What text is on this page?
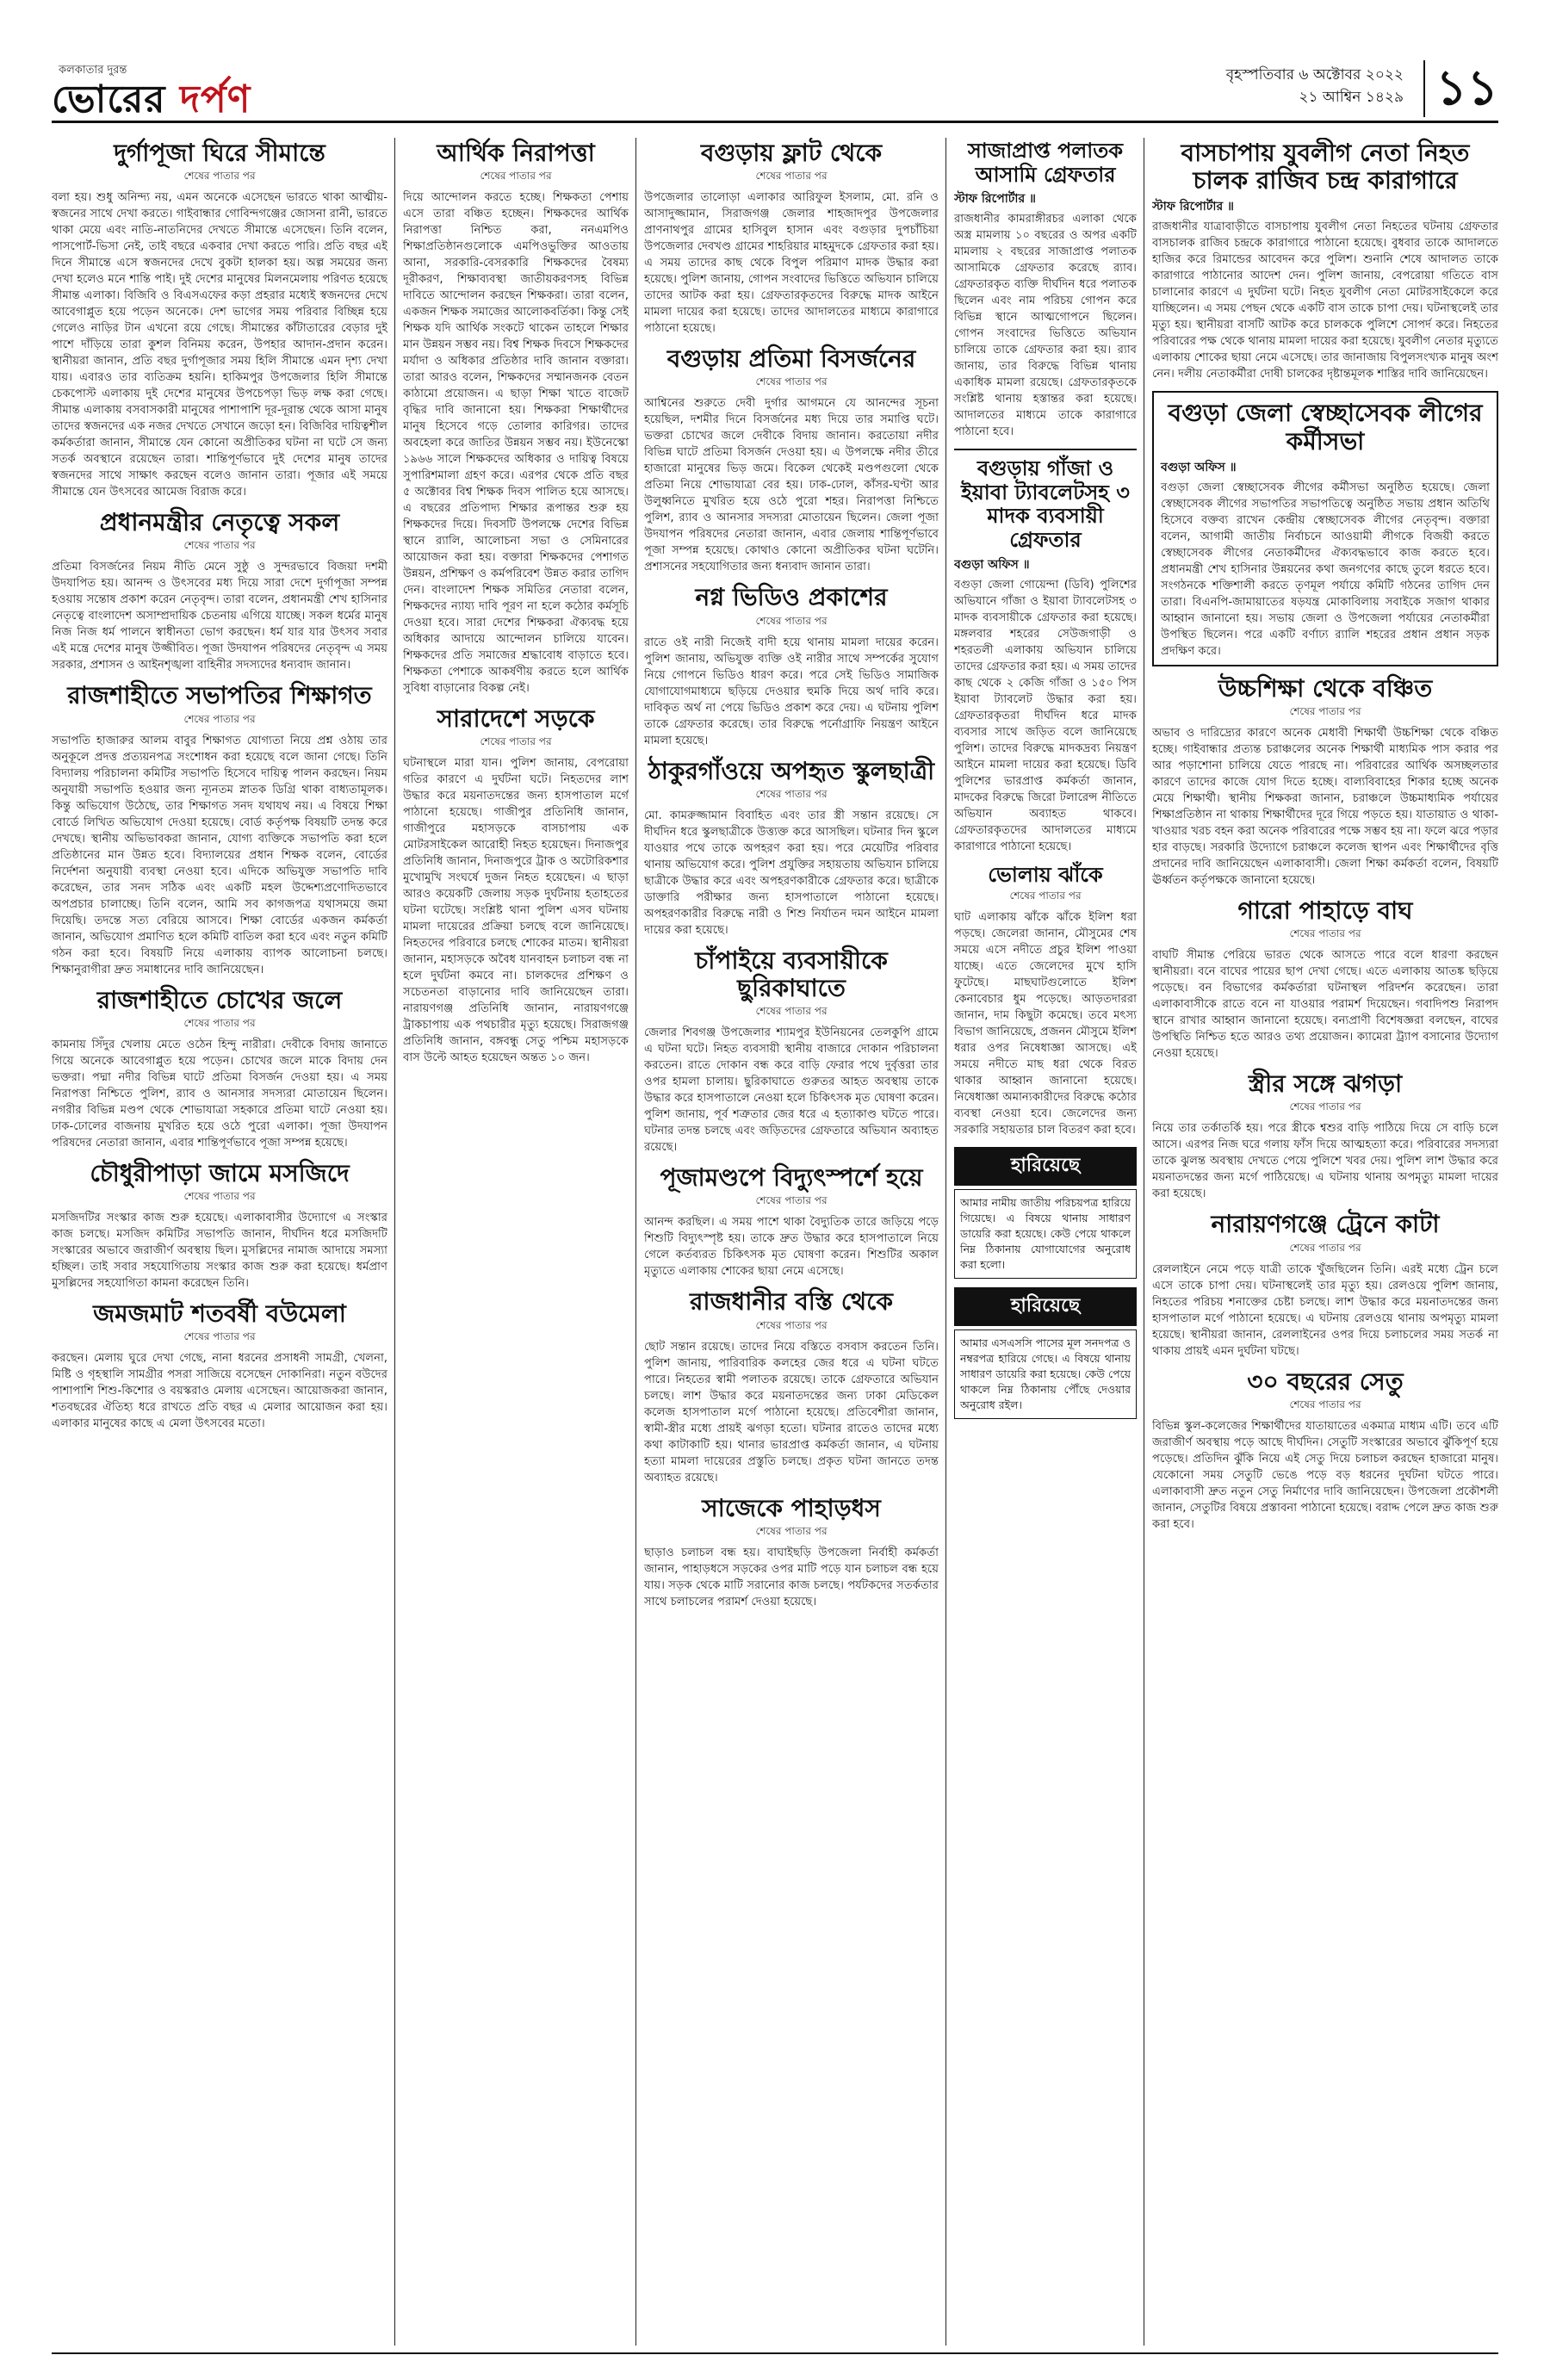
কলকাতার দুরন্ত
ভোরের দর্পণ
বৃহস্পতিবার ৬ অক্টোবর ২০২২
২১ আশ্বিন ১৪২৯ ১১
দুর্গাপূজা ঘিরে সীমান্তে
শেষের পাতার পর
বলা হয়। শুধু অনিন্দ্য নয়, এমন অনেকে এসেছেন ভারতে থাকা আত্মীয়-স্বজনের সাথে দেখা করতে। গাইবান্ধার গোবিন্দগঞ্জের জোসনা রানী, ভারতে থাকা মেয়ে এবং নাতি-নাতনিদের দেখতে সীমান্তে এসেছেন। তিনি বলেন, পাসপোর্ট-ভিসা নেই, তাই বছরে একবার দেখা করতে পারি। প্রতি বছর এই দিনে সীমান্তে এসে স্বজনদের দেখে বুকটা হালকা হয়। অল্প সময়ের জন্য দেখা হলেও মনে শান্তি পাই। দুই দেশের মানুষের মিলনমেলায় পরিণত হয়েছে সীমান্ত এলাকা। বিজিবি ও বিএসএফের কড়া প্রহরার মধ্যেই স্বজনদের দেখে আবেগাপ্লুত হয়ে পড়েন অনেকে। দেশ ভাগের সময় পরিবার বিচ্ছিন্ন হয়ে গেলেও নাড়ির টান এখনো রয়ে গেছে। সীমান্তের কাঁটাতারের বেড়ার দুই পাশে দাঁড়িয়ে তারা কুশল বিনিময় করেন, উপহার আদান-প্রদান করেন। স্থানীয়রা জানান, প্রতি বছর দুর্গাপূজার সময় হিলি সীমান্তে এমন দৃশ্য দেখা যায়। এবারও তার ব্যতিক্রম হয়নি। হাকিমপুর উপজেলার হিলি সীমান্তে চেকপোস্ট এলাকায় দুই দেশের মানুষের উপচেপড়া ভিড় লক্ষ করা গেছে। সীমান্ত এলাকায় বসবাসকারী মানুষের পাশাপাশি দূর-দূরান্ত থেকে আসা মানুষ তাদের স্বজনদের এক নজর দেখতে সেখানে জড়ো হন। বিজিবির দায়িত্বশীল কর্মকর্তারা জানান, সীমান্তে যেন কোনো অপ্রীতিকর ঘটনা না ঘটে সে জন্য সতর্ক অবস্থানে রয়েছেন তারা। শান্তিপূর্ণভাবে দুই দেশের মানুষ তাদের স্বজনদের সাথে সাক্ষাৎ করছেন বলেও জানান তারা। পূজার এই সময়ে সীমান্তে যেন উৎসবের আমেজ বিরাজ করে।
প্রধানমন্ত্রীর নেতৃত্বে সকল
শেষের পাতার পর
প্রতিমা বিসর্জনের নিয়ম নীতি মেনে সুষ্ঠু ও সুন্দরভাবে বিজয়া দশমী উদযাপিত হয়। আনন্দ ও উৎসবের মধ্য দিয়ে সারা দেশে দুর্গাপূজা সম্পন্ন হওয়ায় সন্তোষ প্রকাশ করেন নেতৃবৃন্দ। তারা বলেন, প্রধানমন্ত্রী শেখ হাসিনার নেতৃত্বে বাংলাদেশ অসাম্প্রদায়িক চেতনায় এগিয়ে যাচ্ছে। সকল ধর্মের মানুষ নিজ নিজ ধর্ম পালনে স্বাধীনতা ভোগ করছেন। ধর্ম যার যার উৎসব সবার এই মন্ত্রে দেশের মানুষ উজ্জীবিত। পূজা উদযাপন পরিষদের নেতৃবৃন্দ এ সময় সরকার, প্রশাসন ও আইনশৃঙ্খলা বাহিনীর সদস্যদের ধন্যবাদ জানান।
রাজশাহীতে সভাপতির শিক্ষাগত
শেষের পাতার পর
সভাপতি হাজারুর আলম বাবুর শিক্ষাগত যোগ্যতা নিয়ে প্রশ্ন ওঠায় তার অনুকূলে প্রদত্ত প্রত্যয়নপত্র সংশোধন করা হয়েছে বলে জানা গেছে। তিনি বিদ্যালয় পরিচালনা কমিটির সভাপতি হিসেবে দায়িত্ব পালন করছেন। নিয়ম অনুযায়ী সভাপতি হওয়ার জন্য ন্যূনতম স্নাতক ডিগ্রি থাকা বাধ্যতামূলক। কিন্তু অভিযোগ উঠেছে, তার শিক্ষাগত সনদ যথাযথ নয়। এ বিষয়ে শিক্ষা বোর্ডে লিখিত অভিযোগ দেওয়া হয়েছে। বোর্ড কর্তৃপক্ষ বিষয়টি তদন্ত করে দেখছে। স্থানীয় অভিভাবকরা জানান, যোগ্য ব্যক্তিকে সভাপতি করা হলে প্রতিষ্ঠানের মান উন্নত হবে। বিদ্যালয়ের প্রধান শিক্ষক বলেন, বোর্ডের নির্দেশনা অনুযায়ী ব্যবস্থা নেওয়া হবে। এদিকে অভিযুক্ত সভাপতি দাবি করেছেন, তার সনদ সঠিক এবং একটি মহল উদ্দেশ্যপ্রণোদিতভাবে অপপ্রচার চালাচ্ছে। তিনি বলেন, আমি সব কাগজপত্র যথাসময়ে জমা দিয়েছি। তদন্তে সত্য বেরিয়ে আসবে। শিক্ষা বোর্ডের একজন কর্মকর্তা জানান, অভিযোগ প্রমাণিত হলে কমিটি বাতিল করা হবে এবং নতুন কমিটি গঠন করা হবে। বিষয়টি নিয়ে এলাকায় ব্যাপক আলোচনা চলছে। শিক্ষানুরাগীরা দ্রুত সমাধানের দাবি জানিয়েছেন।
রাজশাহীতে চোখের জলে
শেষের পাতার পর
কামনায় সিঁদুর খেলায় মেতে ওঠেন হিন্দু নারীরা। দেবীকে বিদায় জানাতে গিয়ে অনেকে আবেগাপ্লুত হয়ে পড়েন। চোখের জলে মাকে বিদায় দেন ভক্তরা। পদ্মা নদীর বিভিন্ন ঘাটে প্রতিমা বিসর্জন দেওয়া হয়। এ সময় নিরাপত্তা নিশ্চিতে পুলিশ, র‍্যাব ও আনসার সদস্যরা মোতায়েন ছিলেন। নগরীর বিভিন্ন মণ্ডপ থেকে শোভাযাত্রা সহকারে প্রতিমা ঘাটে নেওয়া হয়। ঢাক-ঢোলের বাজনায় মুখরিত হয়ে ওঠে পুরো এলাকা। পূজা উদযাপন পরিষদের নেতারা জানান, এবার শান্তিপূর্ণভাবে পূজা সম্পন্ন হয়েছে।
চৌধুরীপাড়া জামে মসজিদে
শেষের পাতার পর
মসজিদটির সংস্কার কাজ শুরু হয়েছে। এলাকাবাসীর উদ্যোগে এ সংস্কার কাজ চলছে। মসজিদ কমিটির সভাপতি জানান, দীর্ঘদিন ধরে মসজিদটি সংস্কারের অভাবে জরাজীর্ণ অবস্থায় ছিল। মুসল্লিদের নামাজ আদায়ে সমস্যা হচ্ছিল। তাই সবার সহযোগিতায় সংস্কার কাজ শুরু করা হয়েছে। ধর্মপ্রাণ মুসল্লিদের সহযোগিতা কামনা করেছেন তিনি।
জমজমাট শতবর্ষী বউমেলা
শেষের পাতার পর
করছেন। মেলায় ঘুরে দেখা গেছে, নানা ধরনের প্রসাধনী সামগ্রী, খেলনা, মিষ্টি ও গৃহস্থালি সামগ্রীর পসরা সাজিয়ে বসেছেন দোকানিরা। নতুন বউদের পাশাপাশি শিশু-কিশোর ও বয়স্করাও মেলায় এসেছেন। আয়োজকরা জানান, শতবছরের ঐতিহ্য ধরে রাখতে প্রতি বছর এ মেলার আয়োজন করা হয়। এলাকার মানুষের কাছে এ মেলা উৎসবের মতো।
আর্থিক নিরাপত্তা
শেষের পাতার পর
দিয়ে আন্দোলন করতে হচ্ছে। শিক্ষকতা পেশায় এসে তারা বঞ্চিত হচ্ছেন। শিক্ষকদের আর্থিক নিরাপত্তা নিশ্চিত করা, ননএমপিও শিক্ষাপ্রতিষ্ঠানগুলোকে এমপিওভুক্তির আওতায় আনা, সরকারি-বেসরকারি শিক্ষকদের বৈষম্য দূরীকরণ, শিক্ষাব্যবস্থা জাতীয়করণসহ বিভিন্ন দাবিতে আন্দোলন করছেন শিক্ষকরা। তারা বলেন, একজন শিক্ষক সমাজের আলোকবর্তিকা। কিন্তু সেই শিক্ষক যদি আর্থিক সংকটে থাকেন তাহলে শিক্ষার মান উন্নয়ন সম্ভব নয়। বিশ্ব শিক্ষক দিবসে শিক্ষকদের মর্যাদা ও অধিকার প্রতিষ্ঠার দাবি জানান বক্তারা। তারা আরও বলেন, শিক্ষকদের সম্মানজনক বেতন কাঠামো প্রয়োজন। এ ছাড়া শিক্ষা খাতে বাজেট বৃদ্ধির দাবি জানানো হয়। শিক্ষকরা শিক্ষার্থীদের মানুষ হিসেবে গড়ে তোলার কারিগর। তাদের অবহেলা করে জাতির উন্নয়ন সম্ভব নয়। ইউনেস্কো ১৯৬৬ সালে শিক্ষকদের অধিকার ও দায়িত্ব বিষয়ে সুপারিশমালা গ্রহণ করে। এরপর থেকে প্রতি বছর ৫ অক্টোবর বিশ্ব শিক্ষক দিবস পালিত হয়ে আসছে। এ বছরের প্রতিপাদ্য শিক্ষার রূপান্তর শুরু হয় শিক্ষকদের দিয়ে। দিবসটি উপলক্ষে দেশের বিভিন্ন স্থানে র‍্যালি, আলোচনা সভা ও সেমিনারের আয়োজন করা হয়। বক্তারা শিক্ষকদের পেশাগত উন্নয়ন, প্রশিক্ষণ ও কর্মপরিবেশ উন্নত করার তাগিদ দেন। বাংলাদেশ শিক্ষক সমিতির নেতারা বলেন, শিক্ষকদের ন্যায্য দাবি পূরণ না হলে কঠোর কর্মসূচি দেওয়া হবে। সারা দেশের শিক্ষকরা ঐক্যবদ্ধ হয়ে অধিকার আদায়ে আন্দোলন চালিয়ে যাবেন। শিক্ষকদের প্রতি সমাজের শ্রদ্ধাবোধ বাড়াতে হবে। শিক্ষকতা পেশাকে আকর্ষণীয় করতে হলে আর্থিক সুবিধা বাড়ানোর বিকল্প নেই।
সারাদেশে সড়কে
শেষের পাতার পর
ঘটনাস্থলে মারা যান। পুলিশ জানায়, বেপরোয়া গতির কারণে এ দুর্ঘটনা ঘটে। নিহতদের লাশ উদ্ধার করে ময়নাতদন্তের জন্য হাসপাতাল মর্গে পাঠানো হয়েছে। গাজীপুর প্রতিনিধি জানান, গাজীপুরে মহাসড়কে বাসচাপায় এক মোটরসাইকেল আরোহী নিহত হয়েছেন। দিনাজপুর প্রতিনিধি জানান, দিনাজপুরে ট্রাক ও অটোরিকশার মুখোমুখি সংঘর্ষে দুজন নিহত হয়েছেন। এ ছাড়া আরও কয়েকটি জেলায় সড়ক দুর্ঘটনায় হতাহতের ঘটনা ঘটেছে। সংশ্লিষ্ট থানা পুলিশ এসব ঘটনায় মামলা দায়েরের প্রক্রিয়া চলছে বলে জানিয়েছে। নিহতদের পরিবারে চলছে শোকের মাতম। স্থানীয়রা জানান, মহাসড়কে অবৈধ যানবাহন চলাচল বন্ধ না হলে দুর্ঘটনা কমবে না। চালকদের প্রশিক্ষণ ও সচেতনতা বাড়ানোর দাবি জানিয়েছেন তারা। নারায়ণগঞ্জ প্রতিনিধি জানান, নারায়ণগঞ্জে ট্রাকচাপায় এক পথচারীর মৃত্যু হয়েছে। সিরাজগঞ্জ প্রতিনিধি জানান, বঙ্গবন্ধু সেতু পশ্চিম মহাসড়কে বাস উল্টে আহত হয়েছেন অন্তত ১০ জন।
বগুড়ায় ফ্লাট থেকে
শেষের পাতার পর
উপজেলার তালোড়া এলাকার আরিফুল ইসলাম, মো. রনি ও আসাদুজ্জামান, সিরাজগঞ্জ জেলার শাহজাদপুর উপজেলার প্রাণনাথপুর গ্রামের হাসিবুল হাসান এবং বগুড়ার দুপচাঁচিয়া উপজেলার দেবখণ্ড গ্রামের শাহরিয়ার মাহমুদকে গ্রেফতার করা হয়। এ সময় তাদের কাছ থেকে বিপুল পরিমাণ মাদক উদ্ধার করা হয়েছে। পুলিশ জানায়, গোপন সংবাদের ভিত্তিতে অভিযান চালিয়ে তাদের আটক করা হয়। গ্রেফতারকৃতদের বিরুদ্ধে মাদক আইনে মামলা দায়ের করা হয়েছে। তাদের আদালতের মাধ্যমে কারাগারে পাঠানো হয়েছে।
বগুড়ায় প্রতিমা বিসর্জনের
শেষের পাতার পর
আশ্বিনের শুরুতে দেবী দুর্গার আগমনে যে আনন্দের সূচনা হয়েছিল, দশমীর দিনে বিসর্জনের মধ্য দিয়ে তার সমাপ্তি ঘটে। ভক্তরা চোখের জলে দেবীকে বিদায় জানান। করতোয়া নদীর বিভিন্ন ঘাটে প্রতিমা বিসর্জন দেওয়া হয়। এ উপলক্ষে নদীর তীরে হাজারো মানুষের ভিড় জমে। বিকেল থেকেই মণ্ডপগুলো থেকে প্রতিমা নিয়ে শোভাযাত্রা বের হয়। ঢাক-ঢোল, কাঁসর-ঘণ্টা আর উলুধ্বনিতে মুখরিত হয়ে ওঠে পুরো শহর। নিরাপত্তা নিশ্চিতে পুলিশ, র‍্যাব ও আনসার সদস্যরা মোতায়েন ছিলেন। জেলা পূজা উদযাপন পরিষদের নেতারা জানান, এবার জেলায় শান্তিপূর্ণভাবে পূজা সম্পন্ন হয়েছে। কোথাও কোনো অপ্রীতিকর ঘটনা ঘটেনি। প্রশাসনের সহযোগিতার জন্য ধন্যবাদ জানান তারা।
নগ্ন ভিডিও প্রকাশের
শেষের পাতার পর
রাতে ওই নারী নিজেই বাদী হয়ে থানায় মামলা দায়ের করেন। পুলিশ জানায়, অভিযুক্ত ব্যক্তি ওই নারীর সাথে সম্পর্কের সুযোগ নিয়ে গোপনে ভিডিও ধারণ করে। পরে সেই ভিডিও সামাজিক যোগাযোগমাধ্যমে ছড়িয়ে দেওয়ার হুমকি দিয়ে অর্থ দাবি করে। দাবিকৃত অর্থ না পেয়ে ভিডিও প্রকাশ করে দেয়। এ ঘটনায় পুলিশ তাকে গ্রেফতার করেছে। তার বিরুদ্ধে পর্নোগ্রাফি নিয়ন্ত্রণ আইনে মামলা হয়েছে।
ঠাকুরগাঁওয়ে অপহৃত স্কুলছাত্রী
শেষের পাতার পর
মো. কামরুজ্জামান বিবাহিত এবং তার স্ত্রী সন্তান রয়েছে। সে দীর্ঘদিন ধরে স্কুলছাত্রীকে উত্ত্যক্ত করে আসছিল। ঘটনার দিন স্কুলে যাওয়ার পথে তাকে অপহরণ করা হয়। পরে মেয়েটির পরিবার থানায় অভিযোগ করে। পুলিশ প্রযুক্তির সহায়তায় অভিযান চালিয়ে ছাত্রীকে উদ্ধার করে এবং অপহরণকারীকে গ্রেফতার করে। ছাত্রীকে ডাক্তারি পরীক্ষার জন্য হাসপাতালে পাঠানো হয়েছে। অপহরণকারীর বিরুদ্ধে নারী ও শিশু নির্যাতন দমন আইনে মামলা দায়ের করা হয়েছে।
চাঁপাইয়ে ব্যবসায়ীকে ছুরিকাঘাতে
শেষের পাতার পর
জেলার শিবগঞ্জ উপজেলার শ্যামপুর ইউনিয়নের তেলকুপি গ্রামে এ ঘটনা ঘটে। নিহত ব্যবসায়ী স্থানীয় বাজারে দোকান পরিচালনা করতেন। রাতে দোকান বন্ধ করে বাড়ি ফেরার পথে দুর্বৃত্তরা তার ওপর হামলা চালায়। ছুরিকাঘাতে গুরুতর আহত অবস্থায় তাকে উদ্ধার করে হাসপাতালে নেওয়া হলে চিকিৎসক মৃত ঘোষণা করেন। পুলিশ জানায়, পূর্ব শত্রুতার জের ধরে এ হত্যাকাণ্ড ঘটতে পারে। ঘটনার তদন্ত চলছে এবং জড়িতদের গ্রেফতারে অভিযান অব্যাহত রয়েছে।
পূজামণ্ডপে বিদ্যুৎস্পর্শে হয়ে
শেষের পাতার পর
আনন্দ করছিল। এ সময় পাশে থাকা বৈদ্যুতিক তারে জড়িয়ে পড়ে শিশুটি বিদ্যুৎস্পৃষ্ট হয়। তাকে দ্রুত উদ্ধার করে হাসপাতালে নিয়ে গেলে কর্তব্যরত চিকিৎসক মৃত ঘোষণা করেন। শিশুটির অকাল মৃত্যুতে এলাকায় শোকের ছায়া নেমে এসেছে।
রাজধানীর বস্তি থেকে
শেষের পাতার পর
ছোট সন্তান রয়েছে। তাদের নিয়ে বস্তিতে বসবাস করতেন তিনি। পুলিশ জানায়, পারিবারিক কলহের জের ধরে এ ঘটনা ঘটতে পারে। নিহতের স্বামী পলাতক রয়েছে। তাকে গ্রেফতারে অভিযান চলছে। লাশ উদ্ধার করে ময়নাতদন্তের জন্য ঢাকা মেডিকেল কলেজ হাসপাতাল মর্গে পাঠানো হয়েছে। প্রতিবেশীরা জানান, স্বামী-স্ত্রীর মধ্যে প্রায়ই ঝগড়া হতো। ঘটনার রাতেও তাদের মধ্যে কথা কাটাকাটি হয়। থানার ভারপ্রাপ্ত কর্মকর্তা জানান, এ ঘটনায় হত্যা মামলা দায়েরের প্রস্তুতি চলছে। প্রকৃত ঘটনা জানতে তদন্ত অব্যাহত রয়েছে।
সাজেকে পাহাড়ধস
শেষের পাতার পর
ছাড়াও চলাচল বন্ধ হয়। বাঘাইছড়ি উপজেলা নির্বাহী কর্মকর্তা জানান, পাহাড়ধসে সড়কের ওপর মাটি পড়ে যান চলাচল বন্ধ হয়ে যায়। সড়ক থেকে মাটি সরানোর কাজ চলছে। পর্যটকদের সতর্কতার সাথে চলাচলের পরামর্শ দেওয়া হয়েছে।
সাজাপ্রাপ্ত পলাতক আসামি গ্রেফতার
স্টাফ রিপোর্টার ॥
রাজধানীর কামরাঙ্গীরচর এলাকা থেকে অস্ত্র মামলায় ১০ বছরের ও অপর একটি মামলায় ২ বছরের সাজাপ্রাপ্ত পলাতক আসামিকে গ্রেফতার করেছে র‍্যাব। গ্রেফতারকৃত ব্যক্তি দীর্ঘদিন ধরে পলাতক ছিলেন এবং নাম পরিচয় গোপন করে বিভিন্ন স্থানে আত্মগোপনে ছিলেন। গোপন সংবাদের ভিত্তিতে অভিযান চালিয়ে তাকে গ্রেফতার করা হয়। র‍্যাব জানায়, তার বিরুদ্ধে বিভিন্ন থানায় একাধিক মামলা রয়েছে। গ্রেফতারকৃতকে সংশ্লিষ্ট থানায় হস্তান্তর করা হয়েছে। আদালতের মাধ্যমে তাকে কারাগারে পাঠানো হবে।
বগুড়ায় গাঁজা ও ইয়াবা ট্যাবলেটসহ ৩ মাদক ব্যবসায়ী গ্রেফতার
বগুড়া অফিস ॥
বগুড়া জেলা গোয়েন্দা (ডিবি) পুলিশের অভিযানে গাঁজা ও ইয়াবা ট্যাবলেটসহ ৩ মাদক ব্যবসায়ীকে গ্রেফতার করা হয়েছে। মঙ্গলবার শহরের সেউজগাড়ী ও শহরতলী এলাকায় অভিযান চালিয়ে তাদের গ্রেফতার করা হয়। এ সময় তাদের কাছ থেকে ২ কেজি গাঁজা ও ১৫০ পিস ইয়াবা ট্যাবলেট উদ্ধার করা হয়। গ্রেফতারকৃতরা দীর্ঘদিন ধরে মাদক ব্যবসার সাথে জড়িত বলে জানিয়েছে পুলিশ। তাদের বিরুদ্ধে মাদকদ্রব্য নিয়ন্ত্রণ আইনে মামলা দায়ের করা হয়েছে। ডিবি পুলিশের ভারপ্রাপ্ত কর্মকর্তা জানান, মাদকের বিরুদ্ধে জিরো টলারেন্স নীতিতে অভিযান অব্যাহত থাকবে। গ্রেফতারকৃতদের আদালতের মাধ্যমে কারাগারে পাঠানো হয়েছে।
ভোলায় ঝাঁকে
শেষের পাতার পর
ঘাট এলাকায় ঝাঁকে ঝাঁকে ইলিশ ধরা পড়ছে। জেলেরা জানান, মৌসুমের শেষ সময়ে এসে নদীতে প্রচুর ইলিশ পাওয়া যাচ্ছে। এতে জেলেদের মুখে হাসি ফুটেছে। মাছঘাটগুলোতে ইলিশ কেনাবেচার ধুম পড়েছে। আড়তদাররা জানান, দাম কিছুটা কমেছে। তবে মৎস্য বিভাগ জানিয়েছে, প্রজনন মৌসুমে ইলিশ ধরার ওপর নিষেধাজ্ঞা আসছে। এই সময়ে নদীতে মাছ ধরা থেকে বিরত থাকার আহ্বান জানানো হয়েছে। নিষেধাজ্ঞা অমান্যকারীদের বিরুদ্ধে কঠোর ব্যবস্থা নেওয়া হবে। জেলেদের জন্য সরকারি সহায়তার চাল বিতরণ করা হবে।
হারিয়েছে
আমার নামীয় জাতীয় পরিচয়পত্র হারিয়ে গিয়েছে। এ বিষয়ে থানায় সাধারণ ডায়েরি করা হয়েছে। কেউ পেয়ে থাকলে নিম্ন ঠিকানায় যোগাযোগের অনুরোধ করা হলো।
হারিয়েছে
আমার এসএসসি পাসের মূল সনদপত্র ও নম্বরপত্র হারিয়ে গেছে। এ বিষয়ে থানায় সাধারণ ডায়েরি করা হয়েছে। কেউ পেয়ে থাকলে নিম্ন ঠিকানায় পৌঁছে দেওয়ার অনুরোধ রইল।
বাসচাপায় যুবলীগ নেতা নিহত চালক রাজিব চন্দ্র কারাগারে
স্টাফ রিপোর্টার ॥
রাজধানীর যাত্রাবাড়ীতে বাসচাপায় যুবলীগ নেতা নিহতের ঘটনায় গ্রেফতার বাসচালক রাজিব চন্দ্রকে কারাগারে পাঠানো হয়েছে। বুধবার তাকে আদালতে হাজির করে রিমান্ডের আবেদন করে পুলিশ। শুনানি শেষে আদালত তাকে কারাগারে পাঠানোর আদেশ দেন। পুলিশ জানায়, বেপরোয়া গতিতে বাস চালানোর কারণে এ দুর্ঘটনা ঘটে। নিহত যুবলীগ নেতা মোটরসাইকেলে করে যাচ্ছিলেন। এ সময় পেছন থেকে একটি বাস তাকে চাপা দেয়। ঘটনাস্থলেই তার মৃত্যু হয়। স্থানীয়রা বাসটি আটক করে চালককে পুলিশে সোপর্দ করে। নিহতের পরিবারের পক্ষ থেকে থানায় মামলা দায়ের করা হয়েছে। যুবলীগ নেতার মৃত্যুতে এলাকায় শোকের ছায়া নেমে এসেছে। তার জানাজায় বিপুলসংখ্যক মানুষ অংশ নেন। দলীয় নেতাকর্মীরা দোষী চালকের দৃষ্টান্তমূলক শাস্তির দাবি জানিয়েছেন।
বগুড়া জেলা স্বেচ্ছাসেবক লীগের কর্মীসভা
বগুড়া অফিস ॥
বগুড়া জেলা স্বেচ্ছাসেবক লীগের কর্মীসভা অনুষ্ঠিত হয়েছে। জেলা স্বেচ্ছাসেবক লীগের সভাপতির সভাপতিত্বে অনুষ্ঠিত সভায় প্রধান অতিথি হিসেবে বক্তব্য রাখেন কেন্দ্রীয় স্বেচ্ছাসেবক লীগের নেতৃবৃন্দ। বক্তারা বলেন, আগামী জাতীয় নির্বাচনে আওয়ামী লীগকে বিজয়ী করতে স্বেচ্ছাসেবক লীগের নেতাকর্মীদের ঐক্যবদ্ধভাবে কাজ করতে হবে। প্রধানমন্ত্রী শেখ হাসিনার উন্নয়নের কথা জনগণের কাছে তুলে ধরতে হবে। সংগঠনকে শক্তিশালী করতে তৃণমূল পর্যায়ে কমিটি গঠনের তাগিদ দেন তারা। বিএনপি-জামায়াতের ষড়যন্ত্র মোকাবিলায় সবাইকে সজাগ থাকার আহ্বান জানানো হয়। সভায় জেলা ও উপজেলা পর্যায়ের নেতাকর্মীরা উপস্থিত ছিলেন। পরে একটি বর্ণাঢ্য র‍্যালি শহরের প্রধান প্রধান সড়ক প্রদক্ষিণ করে।
উচ্চশিক্ষা থেকে বঞ্চিত
শেষের পাতার পর
অভাব ও দারিদ্র্যের কারণে অনেক মেধাবী শিক্ষার্থী উচ্চশিক্ষা থেকে বঞ্চিত হচ্ছে। গাইবান্ধার প্রত্যন্ত চরাঞ্চলের অনেক শিক্ষার্থী মাধ্যমিক পাস করার পর আর পড়াশোনা চালিয়ে যেতে পারছে না। পরিবারের আর্থিক অসচ্ছলতার কারণে তাদের কাজে যোগ দিতে হচ্ছে। বাল্যবিবাহের শিকার হচ্ছে অনেক মেয়ে শিক্ষার্থী। স্থানীয় শিক্ষকরা জানান, চরাঞ্চলে উচ্চমাধ্যমিক পর্যায়ের শিক্ষাপ্রতিষ্ঠান না থাকায় শিক্ষার্থীদের দূরে গিয়ে পড়তে হয়। যাতায়াত ও থাকা-খাওয়ার খরচ বহন করা অনেক পরিবারের পক্ষে সম্ভব হয় না। ফলে ঝরে পড়ার হার বাড়ছে। সরকারি উদ্যোগে চরাঞ্চলে কলেজ স্থাপন এবং শিক্ষার্থীদের বৃত্তি প্রদানের দাবি জানিয়েছেন এলাকাবাসী। জেলা শিক্ষা কর্মকর্তা বলেন, বিষয়টি ঊর্ধ্বতন কর্তৃপক্ষকে জানানো হয়েছে।
গারো পাহাড়ে বাঘ
শেষের পাতার পর
বাঘটি সীমান্ত পেরিয়ে ভারত থেকে আসতে পারে বলে ধারণা করছেন স্থানীয়রা। বনে বাঘের পায়ের ছাপ দেখা গেছে। এতে এলাকায় আতঙ্ক ছড়িয়ে পড়েছে। বন বিভাগের কর্মকর্তারা ঘটনাস্থল পরিদর্শন করেছেন। তারা এলাকাবাসীকে রাতে বনে না যাওয়ার পরামর্শ দিয়েছেন। গবাদিপশু নিরাপদ স্থানে রাখার আহ্বান জানানো হয়েছে। বন্যপ্রাণী বিশেষজ্ঞরা বলছেন, বাঘের উপস্থিতি নিশ্চিত হতে আরও তথ্য প্রয়োজন। ক্যামেরা ট্র্যাপ বসানোর উদ্যোগ নেওয়া হয়েছে।
স্ত্রীর সঙ্গে ঝগড়া
শেষের পাতার পর
নিয়ে তার তর্কাতর্কি হয়। পরে স্ত্রীকে শ্বশুর বাড়ি পাঠিয়ে দিয়ে সে বাড়ি চলে আসে। এরপর নিজ ঘরে গলায় ফাঁস দিয়ে আত্মহত্যা করে। পরিবারের সদস্যরা তাকে ঝুলন্ত অবস্থায় দেখতে পেয়ে পুলিশে খবর দেয়। পুলিশ লাশ উদ্ধার করে ময়নাতদন্তের জন্য মর্গে পাঠিয়েছে। এ ঘটনায় থানায় অপমৃত্যু মামলা দায়ের করা হয়েছে।
নারায়ণগঞ্জে ট্রেনে কাটা
শেষের পাতার পর
রেললাইনে নেমে পড়ে যাত্রী তাকে খুঁজছিলেন তিনি। এরই মধ্যে ট্রেন চলে এসে তাকে চাপা দেয়। ঘটনাস্থলেই তার মৃত্যু হয়। রেলওয়ে পুলিশ জানায়, নিহতের পরিচয় শনাক্তের চেষ্টা চলছে। লাশ উদ্ধার করে ময়নাতদন্তের জন্য হাসপাতাল মর্গে পাঠানো হয়েছে। এ ঘটনায় রেলওয়ে থানায় অপমৃত্যু মামলা হয়েছে। স্থানীয়রা জানান, রেললাইনের ওপর দিয়ে চলাচলের সময় সতর্ক না থাকায় প্রায়ই এমন দুর্ঘটনা ঘটছে।
৩০ বছরের সেতু
শেষের পাতার পর
বিভিন্ন স্কুল-কলেজের শিক্ষার্থীদের যাতায়াতের একমাত্র মাধ্যম এটি। তবে এটি জরাজীর্ণ অবস্থায় পড়ে আছে দীর্ঘদিন। সেতুটি সংস্কারের অভাবে ঝুঁকিপূর্ণ হয়ে পড়েছে। প্রতিদিন ঝুঁকি নিয়ে এই সেতু দিয়ে চলাচল করছেন হাজারো মানুষ। যেকোনো সময় সেতুটি ভেঙে পড়ে বড় ধরনের দুর্ঘটনা ঘটতে পারে। এলাকাবাসী দ্রুত নতুন সেতু নির্মাণের দাবি জানিয়েছেন। উপজেলা প্রকৌশলী জানান, সেতুটির বিষয়ে প্রস্তাবনা পাঠানো হয়েছে। বরাদ্দ পেলে দ্রুত কাজ শুরু করা হবে।
